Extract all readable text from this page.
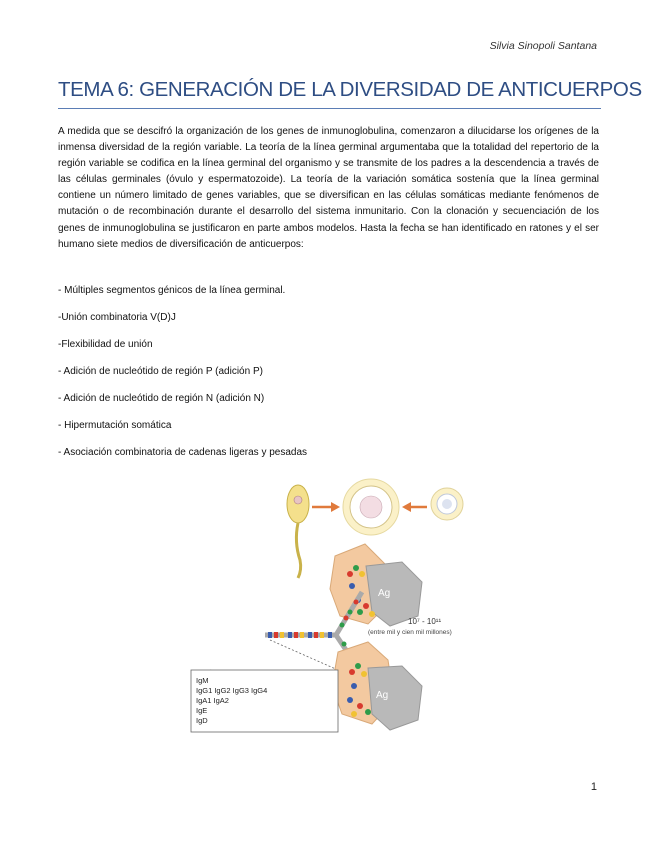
Silvia Sinopoli Santana
TEMA 6: GENERACIÓN DE LA DIVERSIDAD DE ANTICUERPOS
A medida que se descifró la organización de los genes de inmunoglobulina, comenzaron a dilucidarse los orígenes de la inmensa diversidad de la región variable. La teoría de la línea germinal argumentaba que la totalidad del repertorio de la región variable se codifica en la línea germinal del organismo y se transmite de los padres a la descendencia a través de las células germinales (óvulo y espermatozoide). La teoría de la variación somática sostenía que la línea germinal contiene un número limitado de genes variables, que se diversifican en las células somáticas mediante fenómenos de mutación o de recombinación durante el desarrollo del sistema inmunitario. Con la clonación y secuenciación de los genes de inmunoglobulina se justificaron en parte ambos modelos. Hasta la fecha se han identificado en ratones y el ser humano siete medios de diversificación de anticuerpos:
- Múltiples segmentos génicos de la línea germinal.
-Unión combinatoria V(D)J
-Flexibilidad de unión
- Adición de nucleótido de región P (adición P)
- Adición de nucleótido de región N (adición N)
- Hipermutación somática
- Asociación combinatoria de cadenas ligeras y pesadas
Ag
10⁷ - 10¹¹
(entre mil y cien mil millones)
Ag
IgM
IgG1 IgG2 IgG3 IgG4
IgA1 IgA2
IgE
IgD
1
